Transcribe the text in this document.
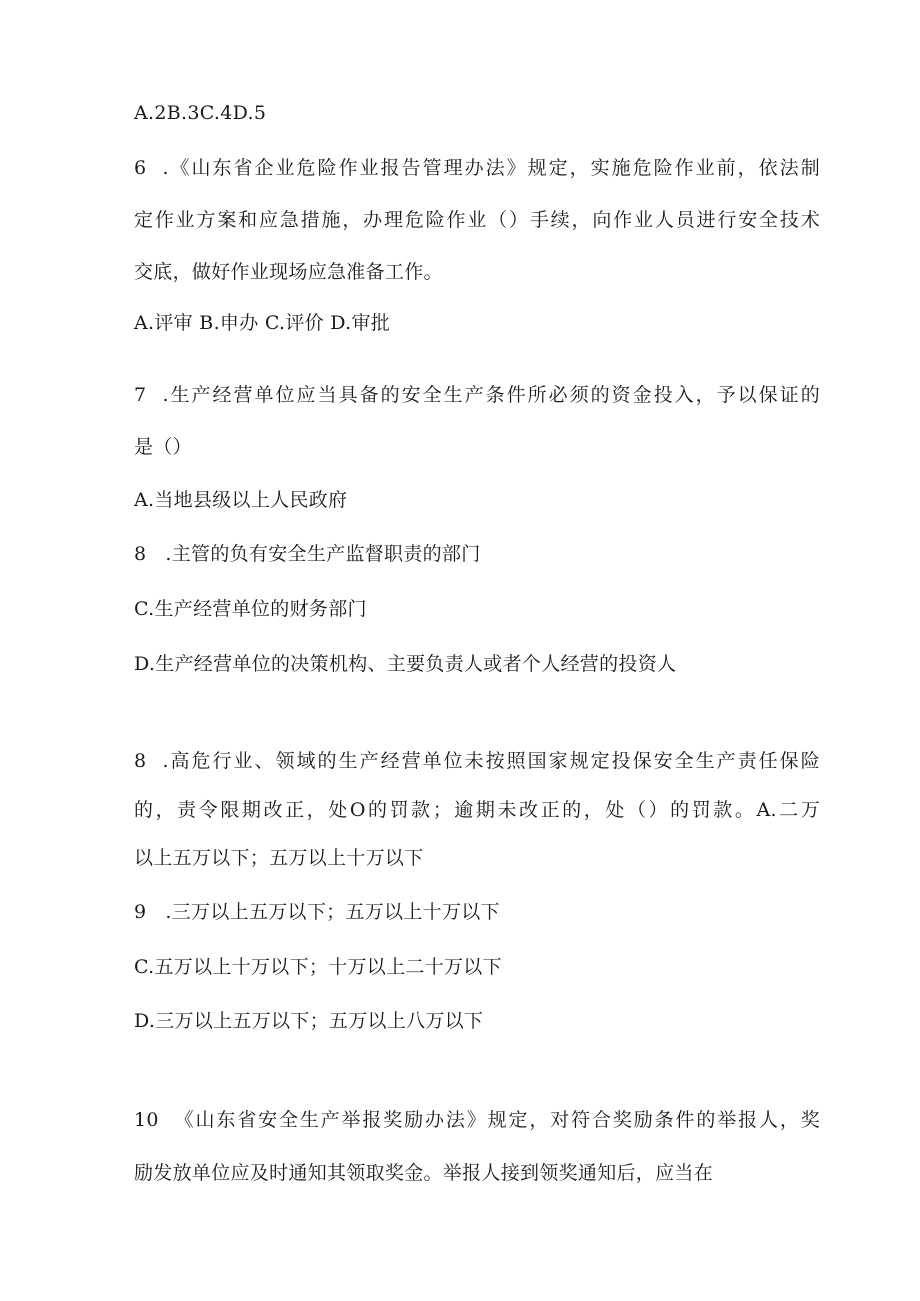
A.2B.3C.4D.5
6  .《山东省企业危险作业报告管理办法》规定，实施危险作业前，依法制
定作业方案和应急措施，办理危险作业（）手续，向作业人员进行安全技术
交底，做好作业现场应急准备工作。
A.评审 B.申办 C.评价 D.审批
7  .生产经营单位应当具备的安全生产条件所必须的资金投入，予以保证的
是（）
A.当地县级以上人民政府
8   .主管的负有安全生产监督职责的部门
C.生产经营单位的财务部门
D.生产经营单位的决策机构、主要负责人或者个人经营的投资人
8  .高危行业、领域的生产经营单位未按照国家规定投保安全生产责任保险
的，责令限期改正，处O的罚款；逾期未改正的，处（）的罚款。A.二万
以上五万以下；五万以上十万以下
9   .三万以上五万以下；五万以上十万以下
C.五万以上十万以下；十万以上二十万以下
D.三万以上五万以下；五万以上八万以下
10  《山东省安全生产举报奖励办法》规定，对符合奖励条件的举报人，奖
励发放单位应及时通知其领取奖金。举报人接到领奖通知后，应当在
